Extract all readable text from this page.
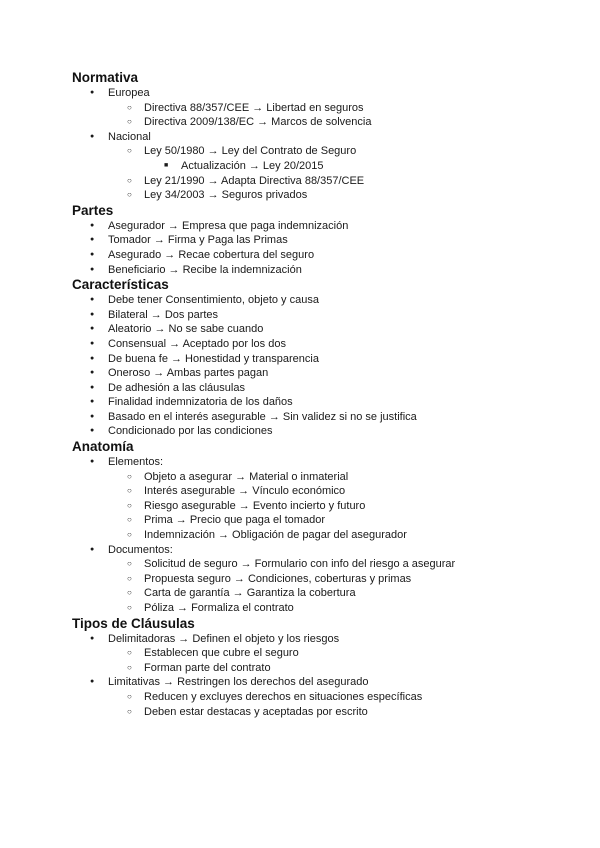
Normativa
● Europea
○ Directiva 88/357/CEE → Libertad en seguros
○ Directiva 2009/138/EC → Marcos de solvencia
● Nacional
○ Ley 50/1980 → Ley del Contrato de Seguro
■ Actualización → Ley 20/2015
○ Ley 21/1990 → Adapta Directiva 88/357/CEE
○ Ley 34/2003 → Seguros privados
Partes
● Asegurador → Empresa que paga indemnización
● Tomador → Firma y Paga las Primas
● Asegurado → Recae cobertura del seguro
● Beneficiario → Recibe la indemnización
Características
● Debe tener Consentimiento, objeto y causa
● Bilateral → Dos partes
● Aleatorio → No se sabe cuando
● Consensual → Aceptado por los dos
● De buena fe → Honestidad y transparencia
● Oneroso → Ambas partes pagan
● De adhesión a las cláusulas
● Finalidad indemnizatoria de los daños
● Basado en el interés asegurable → Sin validez si no se justifica
● Condicionado por las condiciones
Anatomía
● Elementos:
○ Objeto a asegurar → Material o inmaterial
○ Interés asegurable → Vínculo económico
○ Riesgo asegurable → Evento incierto y futuro
○ Prima → Precio que paga el tomador
○ Indemnización → Obligación de pagar del asegurador
● Documentos:
○ Solicitud de seguro → Formulario con info del riesgo a asegurar
○ Propuesta seguro → Condiciones, coberturas y primas
○ Carta de garantía → Garantiza la cobertura
○ Póliza → Formaliza el contrato
Tipos de Cláusulas
● Delimitadoras → Definen el objeto y los riesgos
○ Establecen que cubre el seguro
○ Forman parte del contrato
● Limitativas → Restringen los derechos del asegurado
○ Reducen y excluyes derechos en situaciones específicas
○ Deben estar destacas y aceptadas por escrito
